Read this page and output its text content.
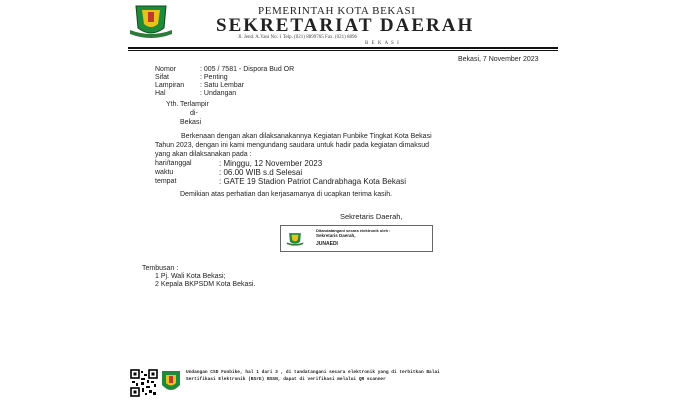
PEMERINTAH KOTA BEKASI
SEKRETARIAT DAERAH
Jl. Jend. A.Yani No. 1 Telp. (021) 8899765 Fax. (021) 8896
B E K A S I
Bekasi, 7 November 2023
Nomor	: 005 / 7581 - Dispora Bud OR
Sifat	: Penting
Lampiran : Satu Lembar
Hal	: Undangan
Yth. Terlampir
di-
Bekasi
Berkenaan dengan akan dilaksanakannya Kegiatan Funbike Tingkat Kota Bekasi
Tahun 2023, dengan ini kami mengundang saudara untuk hadir pada kegiatan dimaksud
yang akan dilaksanakan pada :
hari/tanggal	: Minggu, 12 November 2023
waktu	: 06.00 WIB s.d Selesai
tempat	: GATE 19 Stadion Patriot Candrabhaga Kota Bekasi
Demikian atas perhatian dan kerjasamanya di ucapkan terima kasih.
Sekretaris Daerah,
Ditandatangani secara elektronik oleh :
Sekretaris Daerah,
JUNAEDI
Tembusan :
1 Pj. Wali Kota Bekasi;
2 Kepala BKPSDM Kota Bekasi.
Undangan CSD Funbike, hal 1 dari 3 , di tandatangani secara elektronik yang di terbitkan Balai
Sertifikasi Elektronik (BSrE) BSSN, dapat di verifikasi melalui QR scanner
